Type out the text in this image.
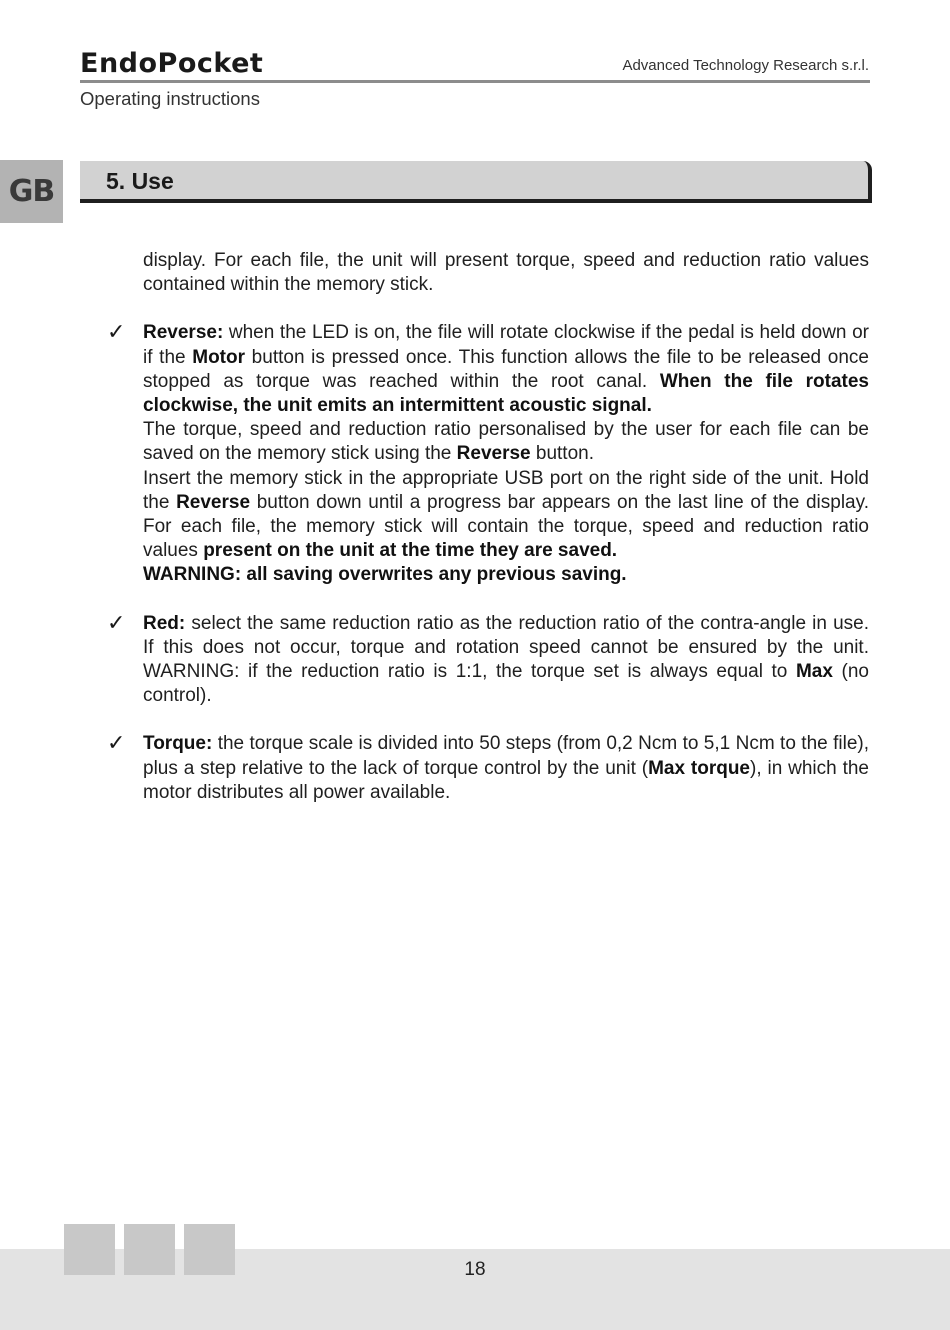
EndoPocket	Advanced Technology Research s.r.l.
Operating instructions
GB 5. Use

display. For each file, the unit will present torque, speed and reduction ratio values contained within the memory stick.

✓ Reverse: when the LED is on, the file will rotate clockwise if the pedal is held down or if the Motor button is pressed once. This function allows the file to be released once stopped as torque was reached within the root canal. When the file rotates clockwise, the unit emits an intermittent acoustic signal.

The torque, speed and reduction ratio personalised by the user for each file can be saved on the memory stick using the Reverse button.

Insert the memory stick in the appropriate USB port on the right side of the unit. Hold the Reverse button down until a progress bar appears on the last line of the display. For each file, the memory stick will contain the torque, speed and reduction ratio values present on the unit at the time they are saved.

WARNING: all saving overwrites any previous saving.

✓ Red: select the same reduction ratio as the reduction ratio of the contra-angle in use. If this does not occur, torque and rotation speed cannot be ensured by the unit. WARNING: if the reduction ratio is 1:1, the torque set is always equal to Max (no control).

✓ Torque: the torque scale is divided into 50 steps (from 0,2 Ncm to 5,1 Ncm to the file), plus a step relative to the lack of torque control by the unit (Max torque), in which the motor distributes all power available.

18
